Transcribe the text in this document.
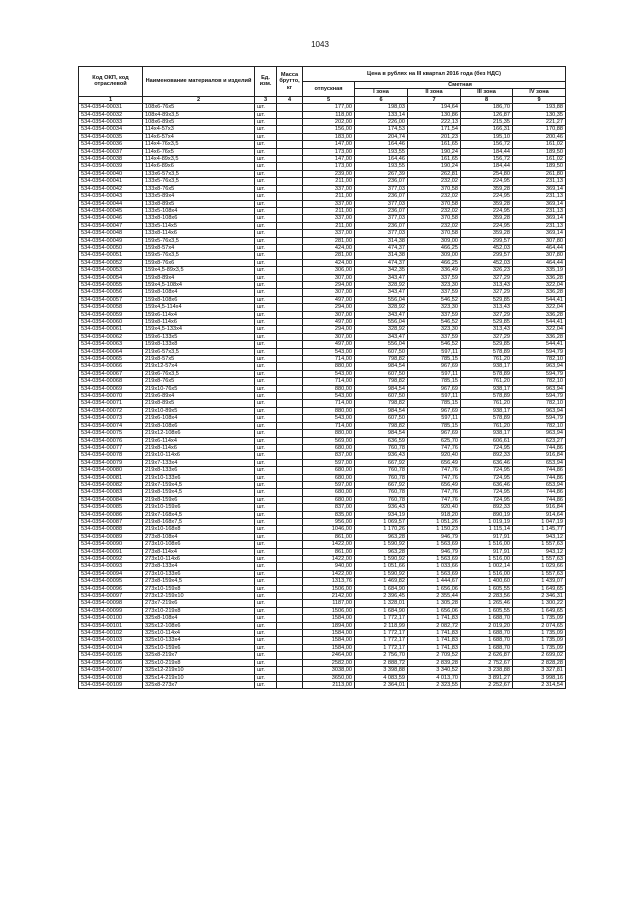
1043
Код ОКП, код отраслевой	Наименование материалов и изделий	Ед. изм.	Масса брутто, кг	Цена в рублях на III квартал 2016 года (без НДС)				
				отпускная	Сметная			
					I зона	II зона	III зона	IV зона
1	2	3	4	5	6	7	8	9
534-0354-00031	108х6-76х5	шт.		177,00	198,03	194,64	186,70	193,88
534-0354-00032	108х4-89х3,5	шт.		118,00	133,14	130,86	126,87	130,35
534-0354-00033	108х6-89х5	шт.		202,00	226,00	222,13	215,35	221,27
534-0354-00034	114х4-57х3	шт.		156,00	174,53	171,54	166,31	170,88
534-0354-00035	114х6-57х4	шт.		183,00	204,74	201,23	195,10	200,46
534-0354-00036	114х4-76х3,5	шт.		147,00	164,46	161,65	156,72	161,02
534-0354-00037	114х6-76х5	шт.		173,00	193,55	190,24	184,44	189,50
534-0354-00038	114х4-89х3,5	шт.		147,00	164,46	161,65	156,72	161,02
534-0354-00039	114х6-89х6	шт.		173,00	193,55	190,24	184,44	189,50
534-0354-00040	133х6-57х3,5	шт.		239,00	267,39	262,81	254,80	261,80
534-0354-00041	133х5-76х3,5	шт.		211,00	236,07	232,02	224,95	231,13
534-0354-00042	133х8-76х5	шт.		337,00	377,03	370,58	359,28	369,14
534-0354-00043	133х5-89х4	шт.		211,00	236,07	232,02	224,95	231,13
534-0354-00044	133х8-89х5	шт.		337,00	377,03	370,58	359,28	369,14
534-0354-00045	133х5-108х4	шт.		211,00	236,07	232,02	224,95	231,13
534-0354-00046	133х8-108х6	шт.		337,00	377,03	370,58	359,28	369,14
534-0354-00047	133х5-114х5	шт.		211,00	236,07	232,02	224,95	231,13
534-0354-00048	133х8-114х6	шт.		337,00	377,03	370,58	359,28	369,14
534-0354-00049	159х5-76х3,5	шт.		281,00	314,38	309,00	299,57	307,80
534-0354-00050	159х8-57х4	шт.		424,00	474,37	466,25	452,03	464,44
534-0354-00051	159х5-76х3,5	шт.		281,00	314,38	309,00	299,57	307,80
534-0354-00052	159х8-76х6	шт.		424,00	474,37	466,25	452,03	464,44
534-0354-00053	159х4,5-89х3,5	шт.		306,00	342,35	336,49	326,23	335,19
534-0354-00054	159х8-89х4	шт.		307,00	343,47	337,59	327,29	336,28
534-0354-00055	159х4,5-108х4	шт.		294,00	328,92	323,30	313,43	322,04
534-0354-00056	159х8-108х4	шт.		307,00	343,47	337,59	327,29	336,28
534-0354-00057	159х8-108х6	шт.		497,00	556,04	546,52	529,85	544,41
534-0354-00058	159х4,5-114х4	шт.		294,00	328,92	323,30	313,43	322,04
534-0354-00059	159х6-114х4	шт.		307,00	343,47	337,59	327,29	336,28
534-0354-00060	159х8-114х6	шт.		497,00	556,04	546,52	529,85	544,41
534-0354-00061	159х4,5-133х4	шт.		294,00	328,92	323,30	313,43	322,04
534-0354-00062	159х6-133х5	шт.		307,00	343,47	337,59	327,29	336,28
534-0354-00063	159х8-133х8	шт.		497,00	556,04	546,52	529,85	544,41
534-0354-00064	219х6-57х3,5	шт.		543,00	607,50	597,11	578,89	594,79
534-0354-00065	219х8-57х5	шт.		714,00	798,82	785,15	761,20	782,10
534-0354-00066	219х12-57х4	шт.		880,00	984,54	967,69	938,17	963,94
534-0354-00067	219х6-76х3,5	шт.		543,00	607,50	597,11	578,89	594,79
534-0354-00068	219х8-76х5	шт.		714,00	798,82	785,15	761,20	782,10
534-0354-00069	219х10-76х5	шт.		880,00	984,54	967,69	938,17	963,94
534-0354-00070	219х6-89х4	шт.		543,00	607,50	597,11	578,89	594,79
534-0354-00071	219х8-89х5	шт.		714,00	798,82	785,15	761,20	782,10
534-0354-00072	219х10-89х5	шт.		880,00	984,54	967,69	938,17	963,94
534-0354-00073	219х6-108х4	шт.		543,00	607,50	597,11	578,89	594,79
534-0354-00074	219х8-108х6	шт.		714,00	798,82	785,15	761,20	782,10
534-0354-00075	219х12-108х6	шт.		880,00	984,54	967,69	938,17	963,94
534-0354-00076	219х6-114х4	шт.		569,00	636,59	625,70	606,61	623,27
534-0354-00077	219х8-114х6	шт.		680,00	760,78	747,76	724,95	744,86
534-0354-00078	219х10-114х6	шт.		837,00	936,43	920,40	892,33	916,84
534-0354-00079	219х7-133х4	шт.		597,00	667,92	656,49	636,46	653,94
534-0354-00080	219х8-133х6	шт.		680,00	760,78	747,76	724,95	744,86
534-0354-00081	219х10-133х6	шт.		680,00	760,78	747,76	724,95	744,86
534-0354-00082	219х7-159х4,5	шт.		597,00	667,92	656,49	636,46	653,94
534-0354-00083	219х8-159х4,5	шт.		680,00	760,78	747,76	724,95	744,86
534-0354-00084	219х8-159х6	шт.		680,00	760,78	747,76	724,95	744,86
534-0354-00085	219х10-159х6	шт.		837,00	936,43	920,40	892,33	916,84
534-0354-00086	219х7-168х4,5	шт.		835,00	934,19	918,20	890,19	914,64
534-0354-00087	219х8-168х7,5	шт.		956,00	1 069,57	1 051,26	1 019,19	1 047,19
534-0354-00088	219х10-168х8	шт.		1046,00	1 170,26	1 150,23	1 115,14	1 145,77
534-0354-00089	273х8-108х4	шт.		861,00	963,28	946,79	917,91	943,12
534-0354-00090	273х10-108х6	шт.		1422,00	1 590,92	1 563,69	1 516,00	1 557,63
534-0354-00091	273х8-114х4	шт.		861,00	963,28	946,79	917,91	943,12
534-0354-00092	273х10-114х6	шт.		1422,00	1 590,92	1 563,69	1 516,00	1 557,63
534-0354-00093	273х8-133х4	шт.		940,00	1 051,66	1 033,66	1 002,14	1 029,66
534-0354-00094	273х10-133х6	шт.		1422,00	1 590,92	1 563,69	1 516,00	1 557,63
534-0354-00095	273х8-159х4,5	шт.		1313,76	1 469,82	1 444,67	1 400,60	1 439,07
534-0354-00096	273х10-159х8	шт.		1506,00	1 684,90	1 656,06	1 605,55	1 649,65
534-0354-00097	273х12-159х10	шт.		2142,00	2 396,45	2 355,44	2 283,56	2 346,31
534-0354-00098	273х7-219х6	шт.		1187,00	1 328,01	1 305,28	1 265,46	1 300,22
534-0354-00099	273х10-219х8	шт.		1506,00	1 684,90	1 656,06	1 605,55	1 649,65
534-0354-00100	325х8-108х4	шт.		1584,00	1 772,17	1 741,83	1 688,70	1 735,09
534-0354-00101	325х12-108х6	шт.		1894,00	2 118,99	2 082,72	2 019,20	2 074,65
534-0354-00102	325х10-114х4	шт.		1584,00	1 772,17	1 741,83	1 688,70	1 735,09
534-0354-00103	325х10-133х4	шт.		1584,00	1 772,17	1 741,83	1 688,70	1 735,09
534-0354-00104	325х10-159х6	шт.		1584,00	1 772,17	1 741,83	1 688,70	1 735,09
534-0354-00105	325х8-219х7	шт.		2464,00	2 756,70	2 709,52	2 626,87	2 699,02
534-0354-00106	325х10-219х8	шт.		2582,00	2 888,72	2 839,28	2 752,67	2 828,28
534-0354-00107	325х12-219х10	шт.		3038,00	3 398,88	3 340,52	3 238,88	3 327,81
534-0354-00108	325х14-219х10	шт.		3650,00	4 083,59	4 013,70	3 891,27	3 998,16
534-0354-00109	325х8-273х7	шт.		2113,00	2 364,01	2 323,55	2 252,67	2 314,54
